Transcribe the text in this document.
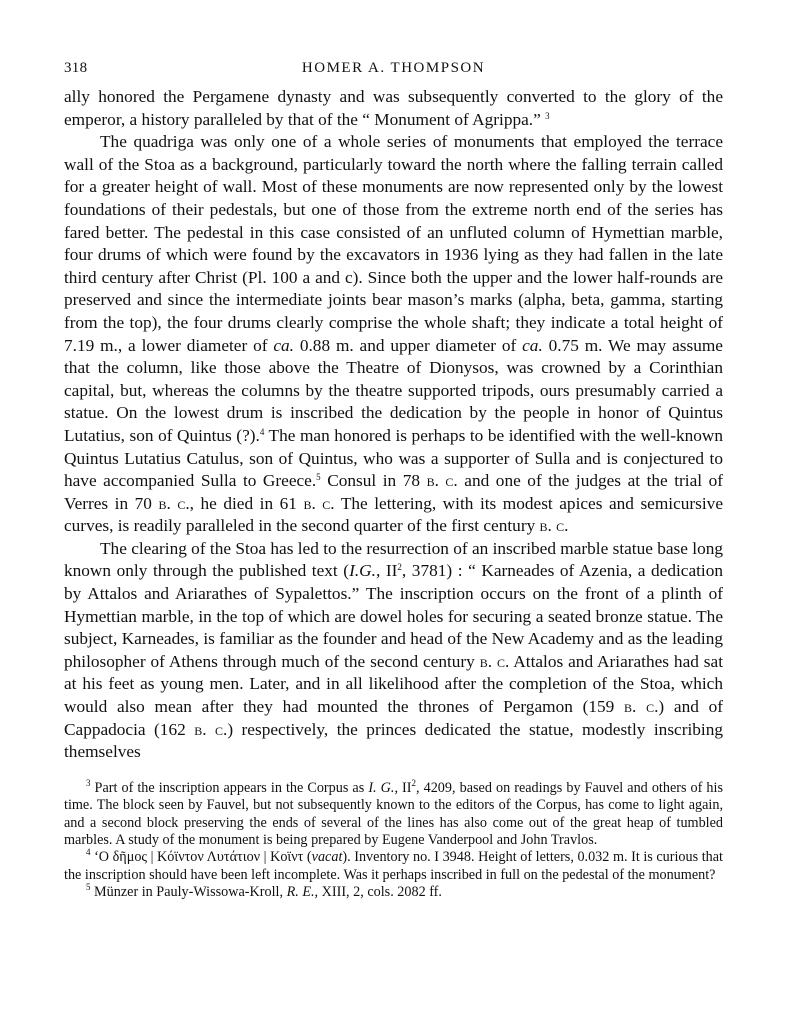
318	HOMER A. THOMPSON

ally honored the Pergamene dynasty and was subsequently converted to the glory of the emperor, a history paralleled by that of the “ Monument of Agrippa.” $^3$

The quadriga was only one of a whole series of monuments that employed the terrace wall of the Stoa as a background, particularly toward the north where the falling terrain called for a greater height of wall. Most of these monuments are now represented only by the lowest foundations of their pedestals, but one of those from the extreme north end of the series has fared better. The pedestal in this case consisted of an unfluted column of Hymettian marble, four drums of which were found by the excavators in 1936 lying as they had fallen in the late third century after Christ (Pl. 100 a and c). Since both the upper and the lower half-rounds are preserved and since the intermediate joints bear mason’s marks (alpha, beta, gamma, starting from the top), the four drums clearly comprise the whole shaft; they indicate a total height of 7.19 m., a lower diameter of ca. 0.88 m. and upper diameter of ca. 0.75 m. We may assume that the column, like those above the Theatre of Dionysos, was crowned by a Corinthian capital, but, whereas the columns by the theatre supported tripods, ours presumably carried a statue. On the lowest drum is inscribed the dedication by the people in honor of Quintus Lutatius, son of Quintus (?).$^4$ The man honored is perhaps to be identified with the well-known Quintus Lutatius Catulus, son of Quintus, who was a supporter of Sulla and is conjectured to have accompanied Sulla to Greece.$^5$ Consul in 78 b. c. and one of the judges at the trial of Verres in 70 b. c., he died in 61 b. c. The lettering, with its modest apices and semicursive curves, is readily paralleled in the second quarter of the first century b. c.

The clearing of the Stoa has led to the resurrection of an inscribed marble statue base long known only through the published text (I.G., $II^2$, 3781) : “ Karneades of Azenia, a dedication by Attalos and Ariarathes of Sypalettos.” The inscription occurs on the front of a plinth of Hymettian marble, in the top of which are dowel holes for securing a seated bronze statue. The subject, Karneades, is familiar as the founder and head of the New Academy and as the leading philosopher of Athens through much of the second century b. c. Attalos and Ariarathes had sat at his feet as young men. Later, and in all likelihood after the completion of the Stoa, which would also mean after they had mounted the thrones of Pergamon (159 b. c.) and of Cappadocia (162 b. c.) respectively, the princes dedicated the statue, modestly inscribing themselves

$^3$ Part of the inscription appears in the Corpus as I. G., $II^2$, 4209, based on readings by Fauvel and others of his time. The block seen by Fauvel, but not subsequently known to the editors of the Corpus, has come to light again, and a second block preserving the ends of several of the lines has also come out of the great heap of tumbled marbles. A study of the monument is being prepared by Eugene Vanderpool and John Travlos.

$^4$ ‘Ο δῆμος | Κόϊντον Λυτάτιον | Κοϊντ (vacat). Inventory no. I 3948. Height of letters, 0.032 m. It is curious that the inscription should have been left incomplete. Was it perhaps inscribed in full on the pedestal of the monument?

$^5$ Münzer in Pauly-Wissowa-Kroll, R. E., XIII, 2, cols. 2082 ff.
